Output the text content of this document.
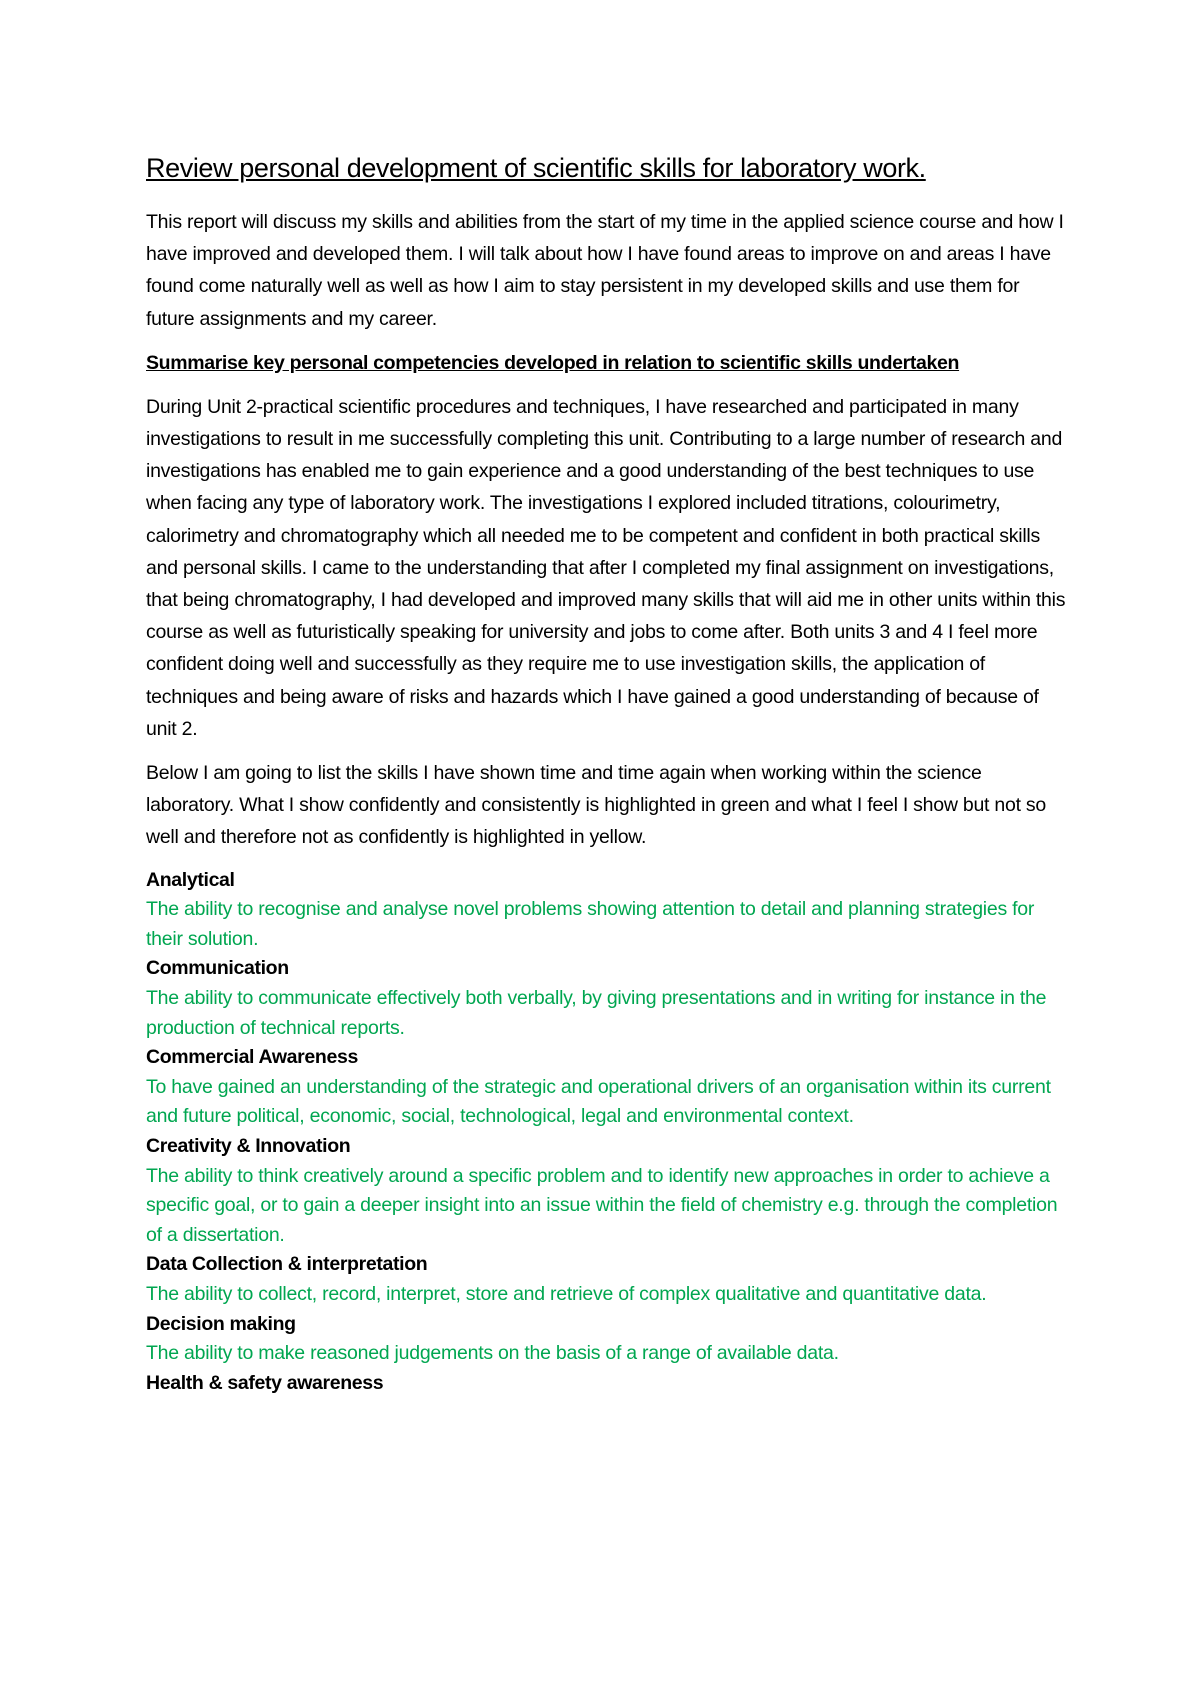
Review personal development of scientific skills for laboratory work.

This report will discuss my skills and abilities from the start of my time in the applied science course and how I have improved and developed them. I will talk about how I have found areas to improve on and areas I have found come naturally well as well as how I aim to stay persistent in my developed skills and use them for future assignments and my career.

Summarise key personal competencies developed in relation to scientific skills undertaken

During Unit 2-practical scientific procedures and techniques, I have researched and participated in many investigations to result in me successfully completing this unit. Contributing to a large number of research and investigations has enabled me to gain experience and a good understanding of the best techniques to use when facing any type of laboratory work. The investigations I explored included titrations, colourimetry, calorimetry and chromatography which all needed me to be competent and confident in both practical skills and personal skills. I came to the understanding that after I completed my final assignment on investigations, that being chromatography, I had developed and improved many skills that will aid me in other units within this course as well as futuristically speaking for university and jobs to come after. Both units 3 and 4 I feel more confident doing well and successfully as they require me to use investigation skills, the application of techniques and being aware of risks and hazards which I have gained a good understanding of because of unit 2.

Below I am going to list the skills I have shown time and time again when working within the science laboratory. What I show confidently and consistently is highlighted in green and what I feel I show but not so well and therefore not as confidently is highlighted in yellow.

Analytical
The ability to recognise and analyse novel problems showing attention to detail and planning strategies for their solution.
Communication
The ability to communicate effectively both verbally, by giving presentations and in writing for instance in the production of technical reports.
Commercial Awareness
To have gained an understanding of the strategic and operational drivers of an organisation within its current and future political, economic, social, technological, legal and environmental context.
Creativity & Innovation
The ability to think creatively around a specific problem and to identify new approaches in order to achieve a specific goal, or to gain a deeper insight into an issue within the field of chemistry e.g. through the completion of a dissertation.
Data Collection & interpretation
The ability to collect, record, interpret, store and retrieve of complex qualitative and quantitative data.
Decision making
The ability to make reasoned judgements on the basis of a range of available data.
Health & safety awareness
